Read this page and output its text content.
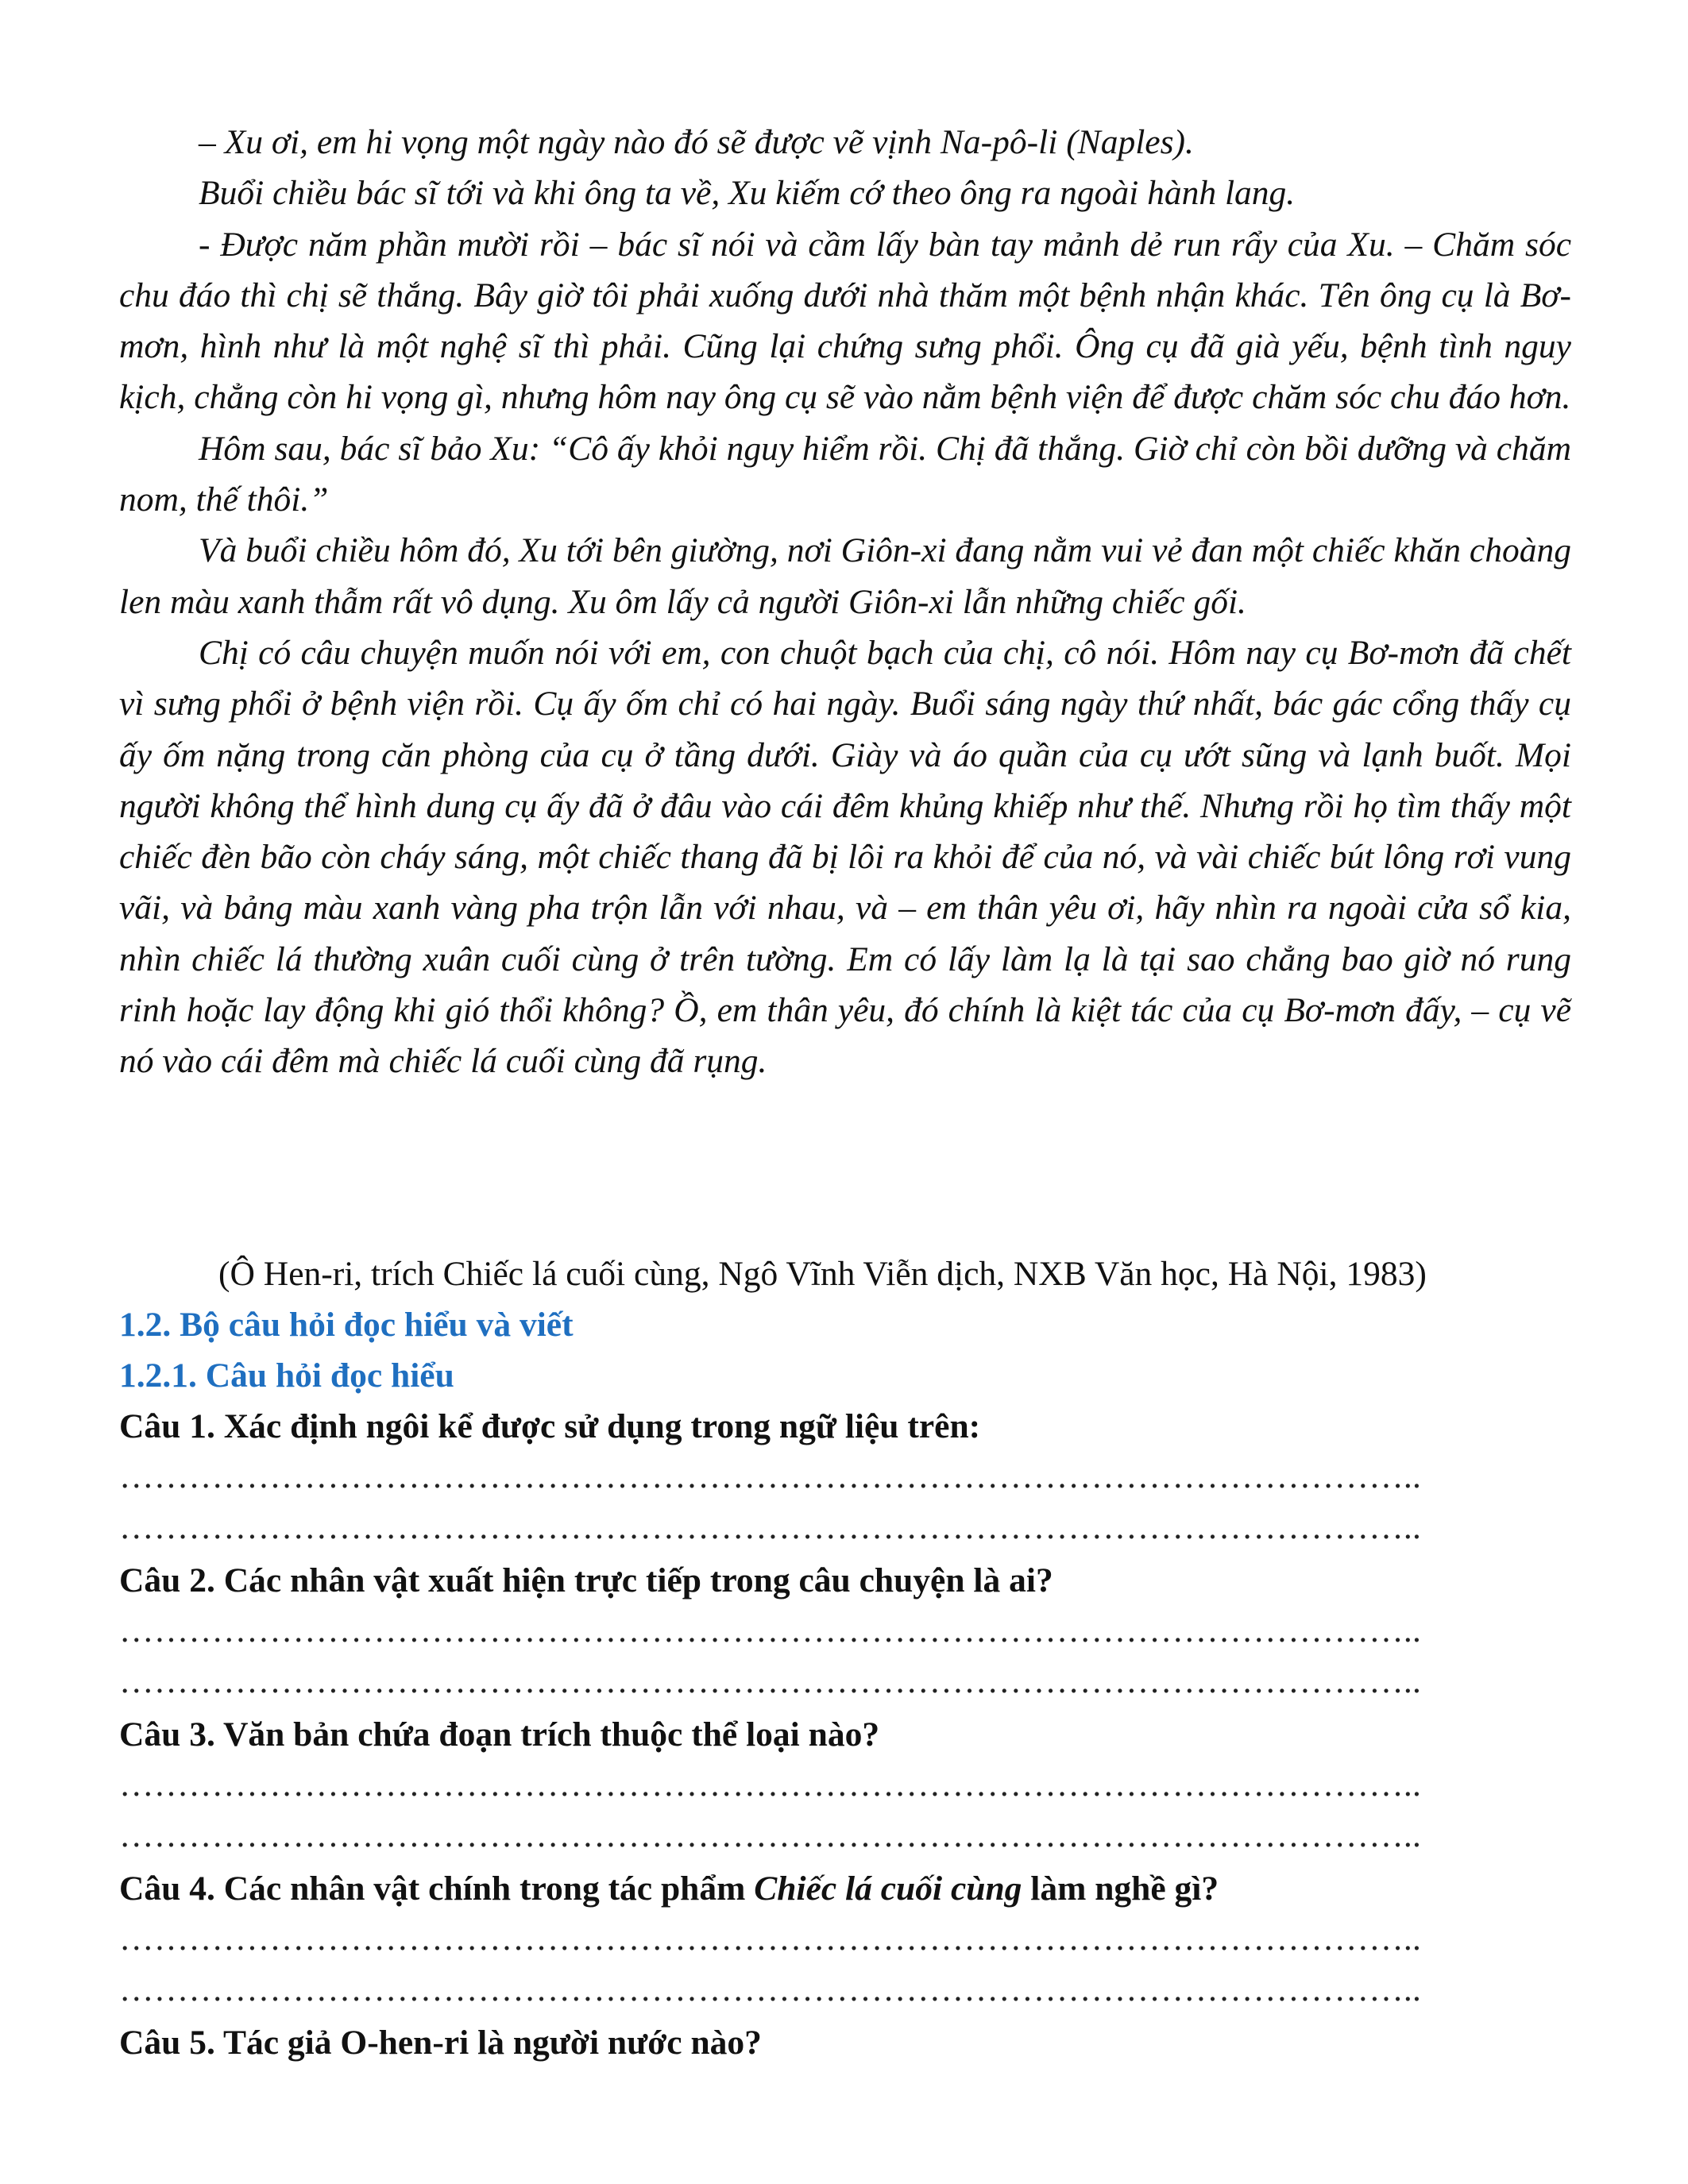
– Xu ơi, em hi vọng một ngày nào đó sẽ được vẽ vịnh Na-pô-li (Naples).

Buổi chiều bác sĩ tới và khi ông ta về, Xu kiếm cớ theo ông ra ngoài hành lang.

- Được năm phần mười rồi – bác sĩ nói và cầm lấy bàn tay mảnh dẻ run rẩy của Xu. – Chăm sóc chu đáo thì chị sẽ thắng. Bây giờ tôi phải xuống dưới nhà thăm một bệnh nhận khác. Tên ông cụ là Bơ-mơn, hình như là một nghệ sĩ thì phải. Cũng lại chứng sưng phổi. Ông cụ đã già yếu, bệnh tình nguy kịch, chẳng còn hi vọng gì, nhưng hôm nay ông cụ sẽ vào nằm bệnh viện để được chăm sóc chu đáo hơn.

Hôm sau, bác sĩ bảo Xu: “Cô ấy khỏi nguy hiểm rồi. Chị đã thắng. Giờ chỉ còn bồi dưỡng và chăm nom, thế thôi.”

Và buổi chiều hôm đó, Xu tới bên giường, nơi Giôn-xi đang nằm vui vẻ đan một chiếc khăn choàng len màu xanh thẫm rất vô dụng. Xu ôm lấy cả người Giôn-xi lẫn những chiếc gối.

Chị có câu chuyện muốn nói với em, con chuột bạch của chị, cô nói. Hôm nay cụ Bơ-mơn đã chết vì sưng phổi ở bệnh viện rồi. Cụ ấy ốm chỉ có hai ngày. Buổi sáng ngày thứ nhất, bác gác cổng thấy cụ ấy ốm nặng trong căn phòng của cụ ở tầng dưới. Giày và áo quần của cụ ướt sũng và lạnh buốt. Mọi người không thể hình dung cụ ấy đã ở đâu vào cái đêm khủng khiếp như thế. Nhưng rồi họ tìm thấy một chiếc đèn bão còn cháy sáng, một chiếc thang đã bị lôi ra khỏi để của nó, và vài chiếc bút lông rơi vung vãi, và bảng màu xanh vàng pha trộn lẫn với nhau, và – em thân yêu ơi, hãy nhìn ra ngoài cửa sổ kia, nhìn chiếc lá thường xuân cuối cùng ở trên tường. Em có lấy làm lạ là tại sao chẳng bao giờ nó rung rinh hoặc lay động khi gió thổi không? Ồ, em thân yêu, đó chính là kiệt tác của cụ Bơ-mơn đấy, – cụ vẽ nó vào cái đêm mà chiếc lá cuối cùng đã rụng.

(Ô Hen-ri, trích Chiếc lá cuối cùng, Ngô Vĩnh Viễn dịch, NXB Văn học, Hà Nội, 1983)
1.2. Bộ câu hỏi đọc hiểu và viết
1.2.1. Câu hỏi đọc hiểu
Câu 1. Xác định ngôi kể được sử dụng trong ngữ liệu trên:
…………………………………………………………………………………………………..
…………………………………………………………………………………………………..
Câu 2. Các nhân vật xuất hiện trực tiếp trong câu chuyện là ai?
…………………………………………………………………………………………………..
…………………………………………………………………………………………………..
Câu 3. Văn bản chứa đoạn trích thuộc thể loại nào?
…………………………………………………………………………………………………..
…………………………………………………………………………………………………..
Câu 4. Các nhân vật chính trong tác phẩm Chiếc lá cuối cùng làm nghề gì?
…………………………………………………………………………………………………..
…………………………………………………………………………………………………..
Câu 5. Tác giả O-hen-ri là người nước nào?
